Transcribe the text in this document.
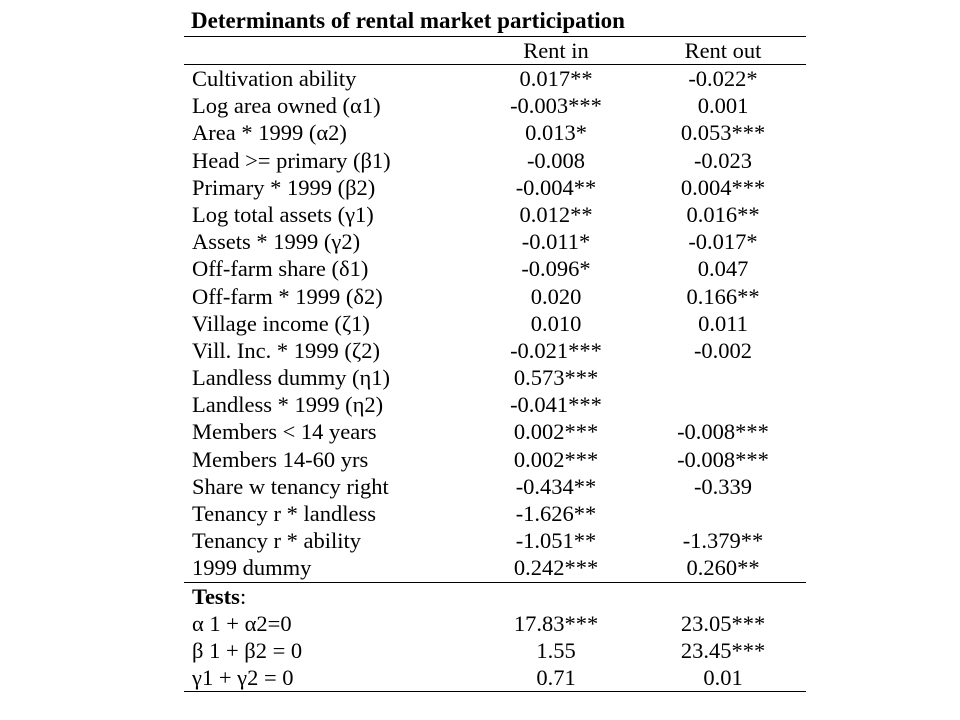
Determinants of rental market participation
Rent in	Rent out
Cultivation ability	0.017**	-0.022*
Log area owned (α1)	-0.003***	0.001
Area * 1999 (α2)	0.013*	0.053***
Head >= primary (β1)	-0.008	-0.023
Primary * 1999 (β2)	-0.004**	0.004***
Log total assets (γ1)	0.012**	0.016**
Assets * 1999 (γ2)	-0.011*	-0.017*
Off-farm share (δ1)	-0.096*	0.047
Off-farm * 1999 (δ2)	0.020	0.166**
Village income (ζ1)	0.010	0.011
Vill. Inc. * 1999 (ζ2)	-0.021***	-0.002
Landless dummy (η1)	0.573***
Landless * 1999 (η2)	-0.041***
Members < 14 years	0.002***	-0.008***
Members 14-60 yrs	0.002***	-0.008***
Share w tenancy right	-0.434**	-0.339
Tenancy r * landless	-1.626**
Tenancy r * ability	-1.051**	-1.379**
1999 dummy	0.242***	0.260**
Tests:
α 1 + α2=0	17.83***	23.05***
β 1 + β2 = 0	1.55	23.45***
γ1 + γ2 = 0	0.71	0.01
